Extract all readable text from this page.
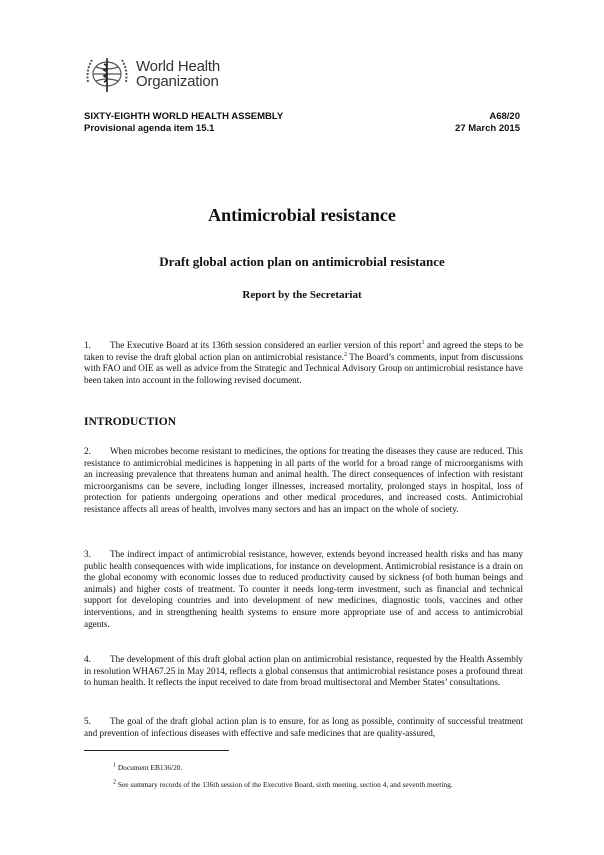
World Health
Organization
SIXTY-EIGHTH WORLD HEALTH ASSEMBLY
Provisional agenda item 15.1
A68/20
27 March 2015
Antimicrobial resistance
Draft global action plan on antimicrobial resistance
Report by the Secretariat

1. The Executive Board at its 136th session considered an earlier version of this report$^1$ and agreed the steps to be taken to revise the draft global action plan on antimicrobial resistance.$^2$ The Board’s comments, input from discussions with FAO and OIE as well as advice from the Strategic and Technical Advisory Group on antimicrobial resistance have been taken into account in the following revised document.

INTRODUCTION

2. When microbes become resistant to medicines, the options for treating the diseases they cause are reduced. This resistance to antimicrobial medicines is happening in all parts of the world for a broad range of microorganisms with an increasing prevalence that threatens human and animal health. The direct consequences of infection with resistant microorganisms can be severe, including longer illnesses, increased mortality, prolonged stays in hospital, loss of protection for patients undergoing operations and other medical procedures, and increased costs. Antimicrobial resistance affects all areas of health, involves many sectors and has an impact on the whole of society.

3. The indirect impact of antimicrobial resistance, however, extends beyond increased health risks and has many public health consequences with wide implications, for instance on development. Antimicrobial resistance is a drain on the global economy with economic losses due to reduced productivity caused by sickness (of both human beings and animals) and higher costs of treatment. To counter it needs long-term investment, such as financial and technical support for developing countries and into development of new medicines, diagnostic tools, vaccines and other interventions, and in strengthening health systems to ensure more appropriate use of and access to antimicrobial agents.

4. The development of this draft global action plan on antimicrobial resistance, requested by the Health Assembly in resolution WHA67.25 in May 2014, reflects a global consensus that antimicrobial resistance poses a profound threat to human health. It reflects the input received to date from broad multisectoral and Member States’ consultations.

5. The goal of the draft global action plan is to ensure, for as long as possible, continuity of successful treatment and prevention of infectious diseases with effective and safe medicines that are quality-assured,

$^1$ Document EB136/20.
$^2$ See summary records of the 136th session of the Executive Board, sixth meeting, section 4, and seventh meeting.
